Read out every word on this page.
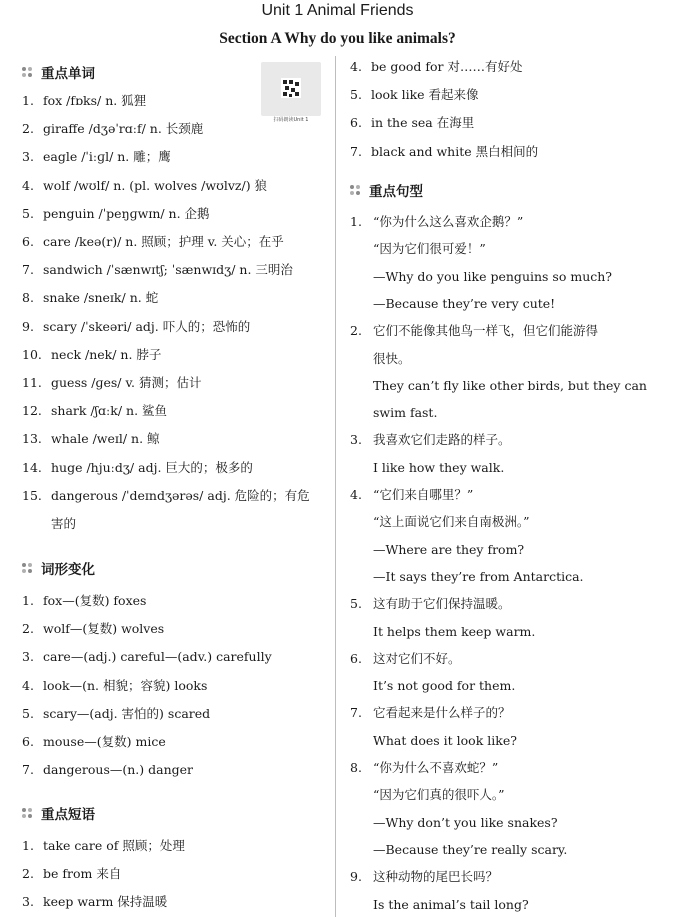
Unit 1 Animal Friends
Section A Why do you like animals?
扫码朗读Unit 1
重点单词
1. fox /fɒks/ n. 狐狸
2. giraffe /dʒəˈrɑːf/ n. 长颈鹿
3. eagle /ˈiːɡl/ n. 雕；鹰
4. wolf /wʊlf/ n. (pl. wolves /wʊlvz/) 狼
5. penguin /ˈpeŋɡwɪn/ n. 企鹅
6. care /keə(r)/ n. 照顾；护理 v. 关心；在乎
7. sandwich /ˈsænwɪtʃ; ˈsænwɪdʒ/ n. 三明治
8. snake /sneɪk/ n. 蛇
9. scary /ˈskeəri/ adj. 吓人的；恐怖的
10. neck /nek/ n. 脖子
11. guess /ɡes/ v. 猜测；估计
12. shark /ʃɑːk/ n. 鲨鱼
13. whale /weɪl/ n. 鲸
14. huge /hjuːdʒ/ adj. 巨大的；极多的
15. dangerous /ˈdeɪndʒərəs/ adj. 危险的；有危
害的
词形变化
1. fox—(复数) foxes
2. wolf—(复数) wolves
3. care—(adj.) careful—(adv.) carefully
4. look—(n. 相貌；容貌) looks
5. scary—(adj. 害怕的) scared
6. mouse—(复数) mice
7. dangerous—(n.) danger
重点短语
1. take care of 照顾；处理
2. be from 来自
3. keep warm 保持温暖
4. be good for 对……有好处
5. look like 看起来像
6. in the sea 在海里
7. black and white 黑白相间的
重点句型
1. “你为什么这么喜欢企鹅？”
“因为它们很可爱！”
—Why do you like penguins so much?
—Because they’re very cute!
2. 它们不能像其他鸟一样飞，但它们能游得
很快。
They can’t fly like other birds, but they can
swim fast.
3. 我喜欢它们走路的样子。
I like how they walk.
4. “它们来自哪里？”
“这上面说它们来自南极洲。”
—Where are they from?
—It says they’re from Antarctica.
5. 这有助于它们保持温暖。
It helps them keep warm.
6. 这对它们不好。
It’s not good for them.
7. 它看起来是什么样子的？
What does it look like?
8. “你为什么不喜欢蛇？”
“因为它们真的很吓人。”
—Why don’t you like snakes?
—Because they’re really scary.
9. 这种动物的尾巴长吗？
Is the animal’s tail long?
